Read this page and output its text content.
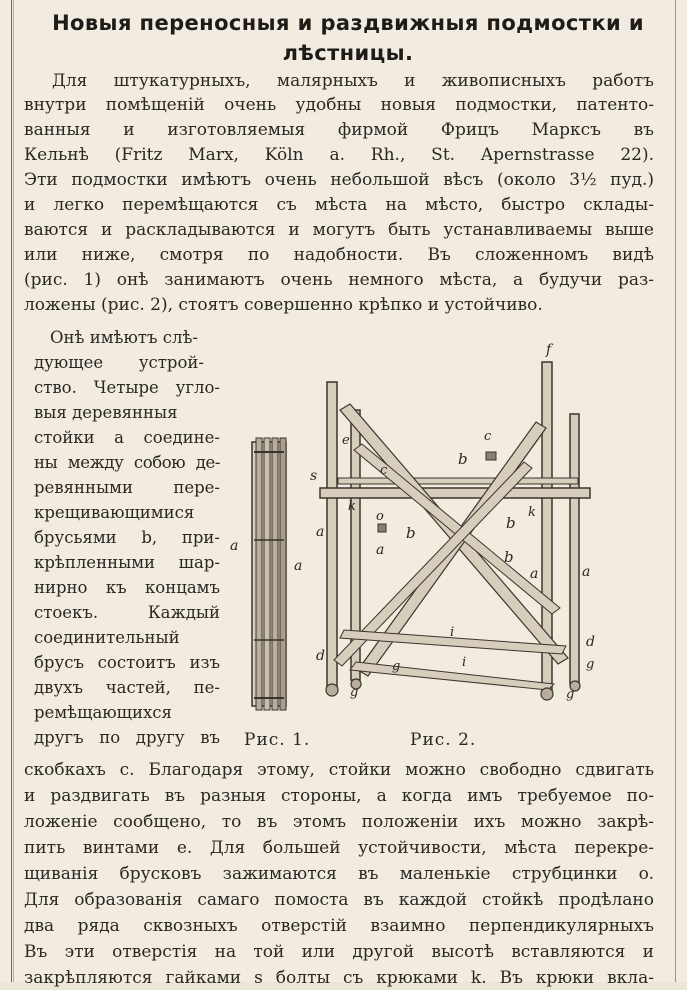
Новыя переносныя и раздвижныя подмостки и
лѣстницы.
Для штукатурныхъ, малярныхъ и живописныхъ работъ
внутри помѣщеній очень удобны новыя подмостки, патенто-
ванныя и изготовляемыя фирмой Фрицъ Марксъ въ
Кельнѣ (Fritz Marx, Köln a. Rh., St. Apernstrasse 22).
Эти подмостки имѣютъ очень небольшой вѣсъ (около 3½ пуд.)
и легко перемѣщаются съ мѣста на мѣсто, быстро склады-
ваются и раскладываются и могутъ быть устанавливаемы выше
или ниже, смотря по надобности. Въ сложенномъ видѣ
(рис. 1) онѣ занимаютъ очень немного мѣста, а будучи раз-
ложены (рис. 2), стоятъ совершенно крѣпко и устойчиво.
Онѣ имѣютъ слѣ-
дующее устрой-
ство. Четыре угло-
выя деревянныя
стойки a соедине-
ны между собою де-
ревянными пере-
крещивающимися
брусьями b, при-
крѣпленными шар-
нирно къ концамъ
стоекъ. Каждый
соединительный
брусъ состоитъ изъ
двухъ частей, пе-
ремѣщающихся
другъ по другу въ
a
a
f
s
e
c
c
b
b
b
b
o
k	k
a
a
a	a
i
i
d
d
g	g
g	g
Рис. 1.	Рис. 2.
скобкахъ c. Благодаря этому, стойки можно свободно сдвигать
и раздвигать въ разныя стороны, а когда имъ требуемое по-
ложеніе сообщено, то въ этомъ положеніи ихъ можно закрѣ-
пить винтами e. Для большей устойчивости, мѣста перекре-
щиванія брусковъ зажимаются въ маленькіе струбцинки o.
Для образованія самаго помоста въ каждой стойкѣ продѣлано
два ряда сквозныхъ отверстій взаимно перпендикулярныхъ
Въ эти отверстія на той или другой высотѣ вставляются и
закрѣпляются гайками s болты съ крюками k. Въ крюки вкла-
